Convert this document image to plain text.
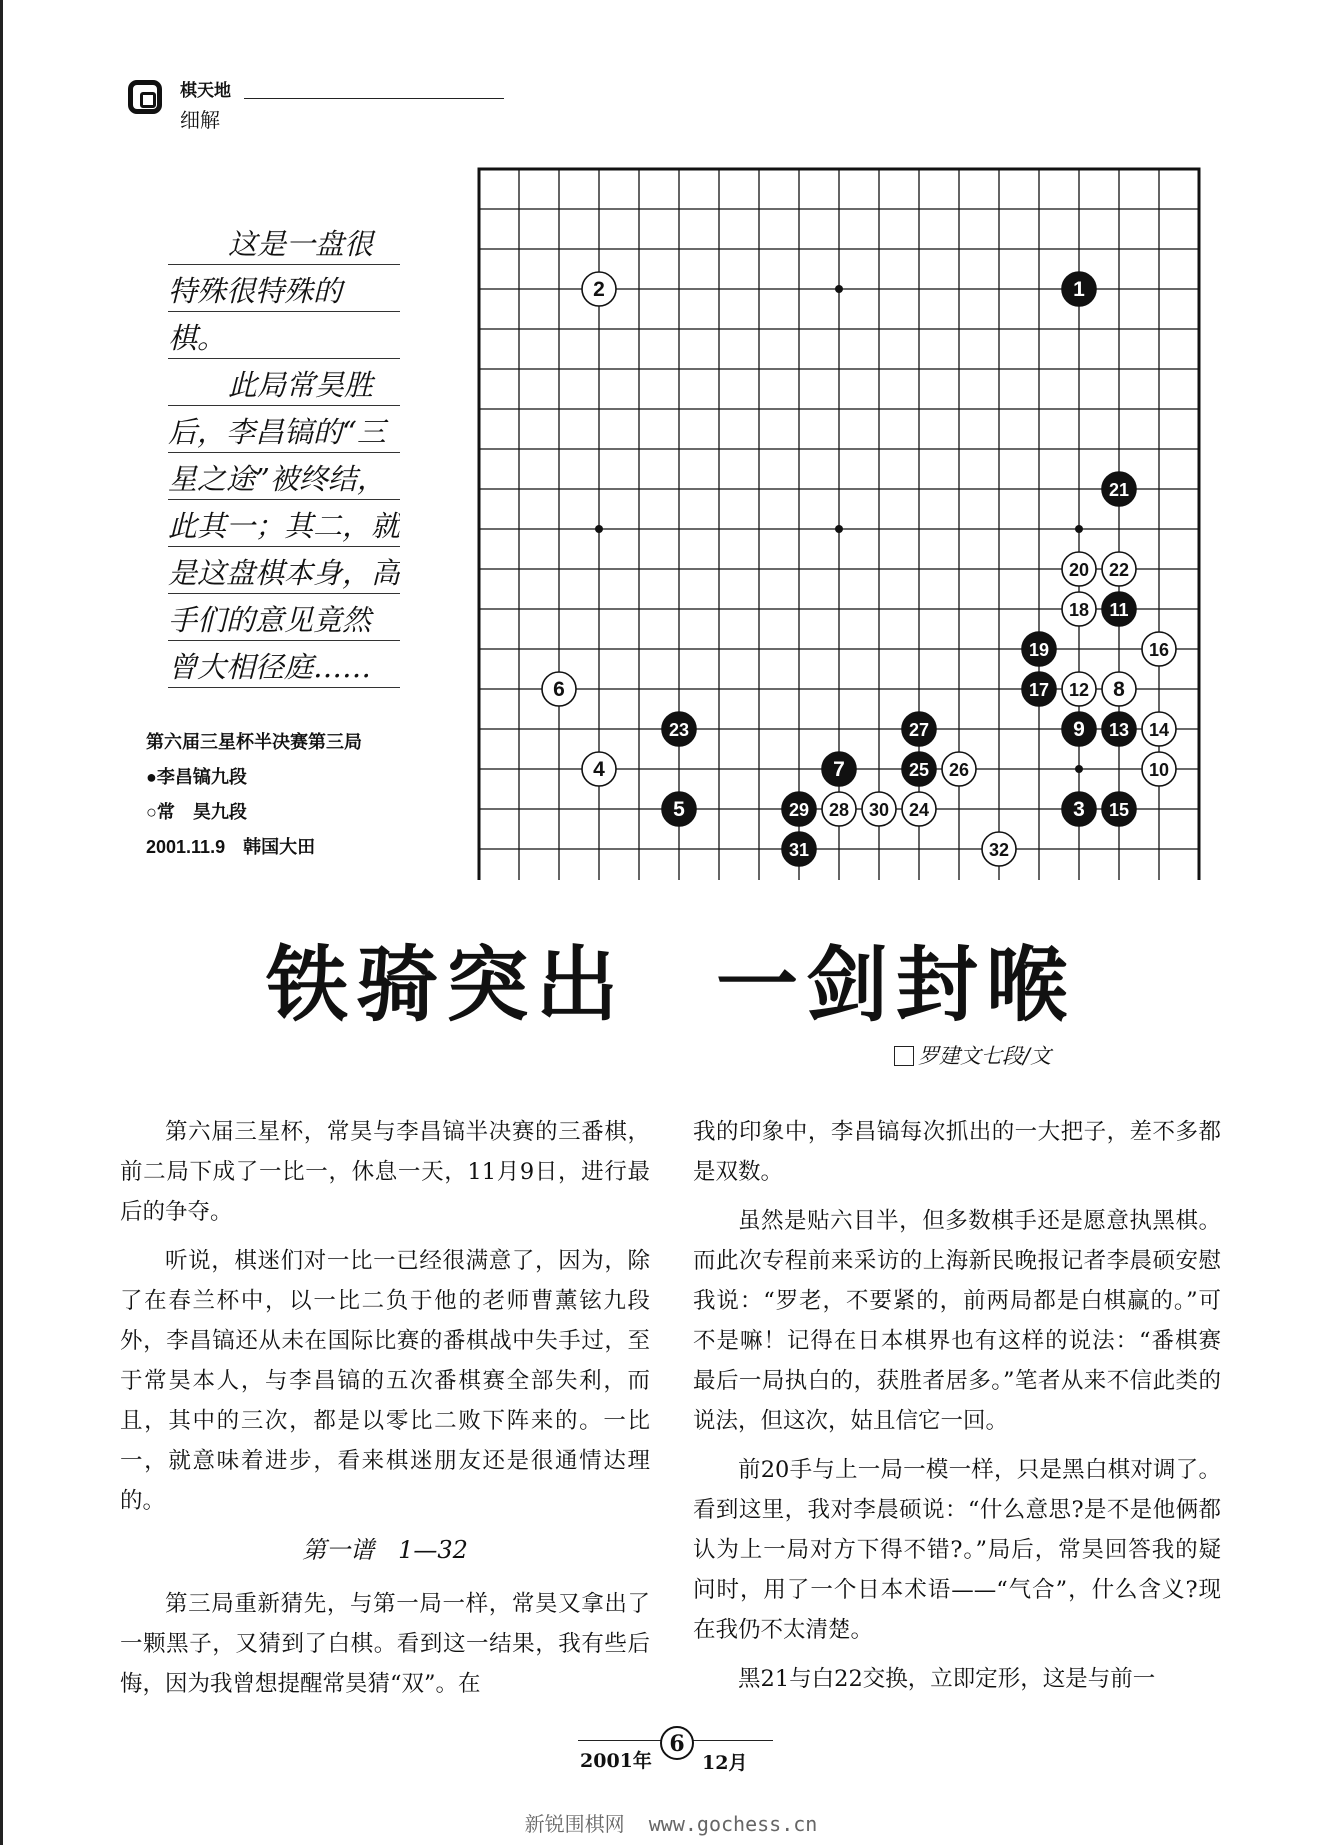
棋天地
细解
这是一盘很
特殊很特殊的
棋。
此局常昊胜
后，李昌镐的“三
星之途”被终结，
此其一；其二，就
是这盘棋本身，高
手们的意见竟然
曾大相径庭……
第六届三星杯半决赛第三局
●李昌镐九段
○常　昊九段
2001.11.9　韩国大田
1
2
3
4
5
6
7
8
9
10
11
12
13 14
15
16
17
18
19
20
21
22
23
24
25 26
27
28
29	30
31	32
铁骑突出　一剑封喉
罗建文七段/文

第六届三星杯，常昊与李昌镐半决赛的三番棋，前二局下成了一比一，休息一天，11月9日，进行最后的争夺。

听说，棋迷们对一比一已经很满意了，因为，除了在春兰杯中，以一比二负于他的老师曹薰铉九段外，李昌镐还从未在国际比赛的番棋战中失手过，至于常昊本人，与李昌镐的五次番棋赛全部失利，而且，其中的三次，都是以零比二败下阵来的。一比一，就意味着进步，看来棋迷朋友还是很通情达理的。

第一谱　1—32

第三局重新猜先，与第一局一样，常昊又拿出了一颗黑子，又猜到了白棋。看到这一结果，我有些后悔，因为我曾想提醒常昊猜“双”。在

我的印象中，李昌镐每次抓出的一大把子，差不多都是双数。

虽然是贴六目半，但多数棋手还是愿意执黑棋。而此次专程前来采访的上海新民晚报记者李晨硕安慰我说：“罗老，不要紧的，前两局都是白棋赢的。”可不是嘛！记得在日本棋界也有这样的说法：“番棋赛最后一局执白的，获胜者居多。”笔者从来不信此类的说法，但这次，姑且信它一回。

前20手与上一局一模一样，只是黑白棋对调了。看到这里，我对李晨硕说：“什么意思?是不是他俩都认为上一局对方下得不错?。”局后，常昊回答我的疑问时，用了一个日本术语——“气合”，什么含义?现在我仍不太清楚。

黑21与白22交换，立即定形，这是与前一

2001年
6
12月
新锐围棋网  www.gochess.cn
